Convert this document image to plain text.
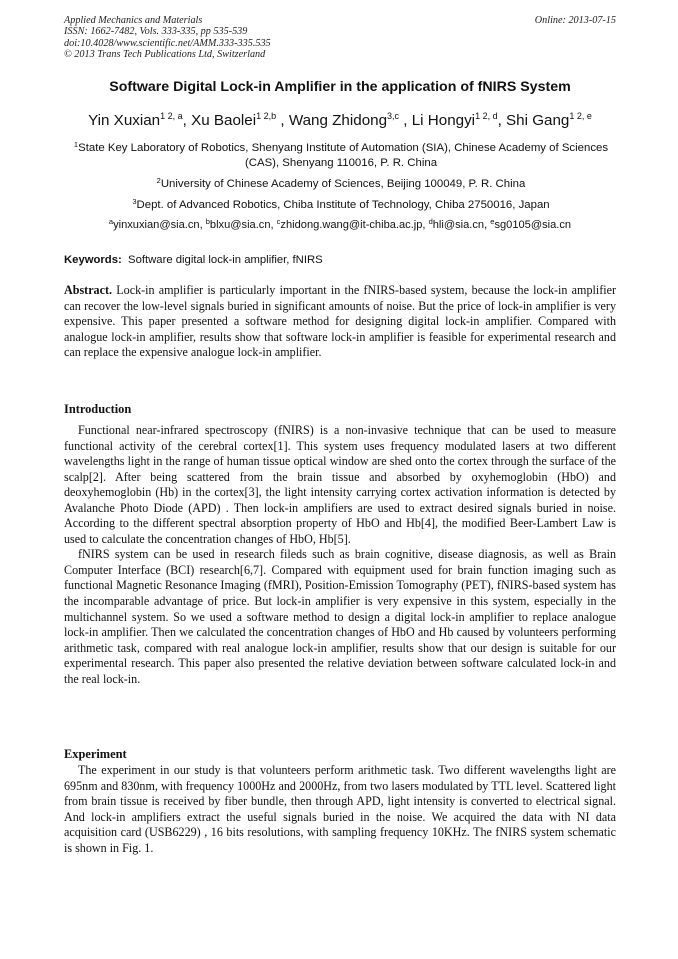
Applied Mechanics and Materials
ISSN: 1662-7482, Vols. 333-335, pp 535-539
doi:10.4028/www.scientific.net/AMM.333-335.535
© 2013 Trans Tech Publications Ltd, Switzerland
Online: 2013-07-15
Software Digital Lock-in Amplifier in the application of fNIRS System
Yin Xuxian$^{1 2, a}$, Xu Baolei$^{1 2,b}$ , Wang Zhidong$^{3,c}$ , Li Hongyi$^{1 2, d}$, Shi Gang$^{1 2, e}$
$^1$State Key Laboratory of Robotics, Shenyang Institute of Automation (SIA), Chinese Academy of Sciences (CAS), Shenyang 110016, P. R. China
$^2$University of Chinese Academy of Sciences, Beijing 100049, P. R. China
$^3$Dept. of Advanced Robotics, Chiba Institute of Technology, Chiba 2750016, Japan
$^a$yinxuxian@sia.cn, $^b$blxu@sia.cn, $^c$zhidong.wang@it-chiba.ac.jp, $^d$hli@sia.cn, $^e$sg0105@sia.cn
Keywords: Software digital lock-in amplifier, fNIRS

Abstract. Lock-in amplifier is particularly important in the fNIRS-based system, because the lock-in amplifier can recover the low-level signals buried in significant amounts of noise. But the price of lock-in amplifier is very expensive. This paper presented a software method for designing digital lock-in amplifier. Compared with analogue lock-in amplifier, results show that software lock-in amplifier is feasible for experimental research and can replace the expensive analogue lock-in amplifier.

Introduction

Functional near-infrared spectroscopy (fNIRS) is a non-invasive technique that can be used to measure functional activity of the cerebral cortex[1]. This system uses frequency modulated lasers at two different wavelengths light in the range of human tissue optical window are shed onto the cortex through the surface of the scalp[2]. After being scattered from the brain tissue and absorbed by oxyhemoglobin (HbO) and deoxyhemoglobin (Hb) in the cortex[3], the light intensity carrying cortex activation information is detected by Avalanche Photo Diode (APD) . Then lock-in amplifiers are used to extract desired signals buried in noise. According to the different spectral absorption property of HbO and Hb[4], the modified Beer-Lambert Law is used to calculate the concentration changes of HbO, Hb[5].

fNIRS system can be used in research fileds such as brain cognitive, disease diagnosis, as well as Brain Computer Interface (BCI) research[6,7]. Compared with equipment used for brain function imaging such as functional Magnetic Resonance Imaging (fMRI), Position-Emission Tomography (PET), fNIRS-based system has the incomparable advantage of price. But lock-in amplifier is very expensive in this system, especially in the multichannel system. So we used a software method to design a digital lock-in amplifier to replace analogue lock-in amplifier. Then we calculated the concentration changes of HbO and Hb caused by volunteers performing arithmetic task, compared with real analogue lock-in amplifier, results show that our design is suitable for our experimental research. This paper also presented the relative deviation between software calculated lock-in and the real lock-in.

Experiment

The experiment in our study is that volunteers perform arithmetic task. Two different wavelengths light are 695nm and 830nm, with frequency 1000Hz and 2000Hz, from two lasers modulated by TTL level. Scattered light from brain tissue is received by fiber bundle, then through APD, light intensity is converted to electrical signal. And lock-in amplifiers extract the useful signals buried in the noise. We acquired the data with NI data acquisition card (USB6229) , 16 bits resolutions, with sampling frequency 10KHz. The fNIRS system schematic is shown in Fig. 1.
